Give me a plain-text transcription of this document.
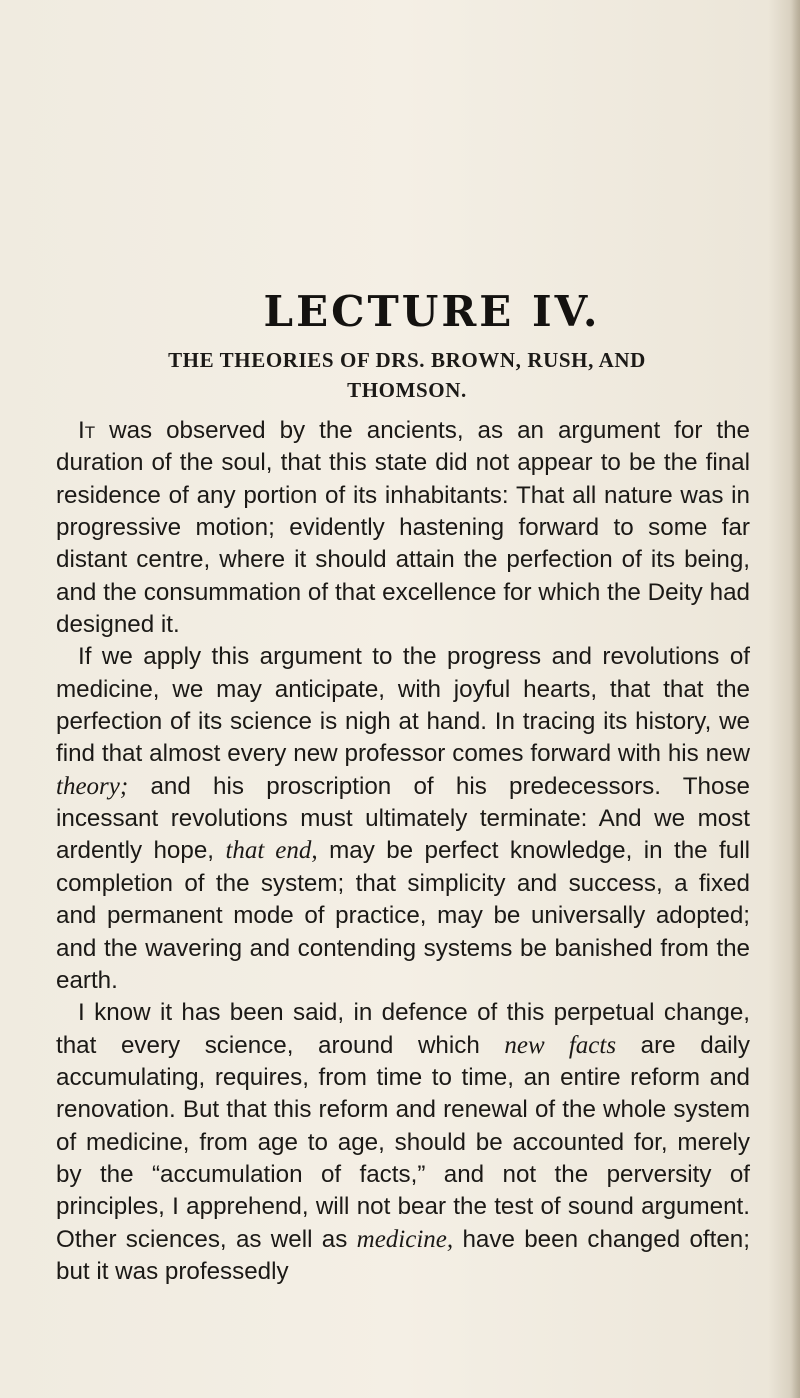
LECTURE IV.
THE THEORIES OF DRS. BROWN, RUSH, AND
THOMSON.

It was observed by the ancients, as an argument for the duration of the soul, that this state did not appear to be the final residence of any portion of its inhabitants: That all nature was in progressive motion; evidently hastening forward to some far distant centre, where it should attain the perfection of its being, and the consummation of that excellence for which the Deity had designed it.

If we apply this argument to the progress and revolutions of medicine, we may anticipate, with joyful hearts, that that the perfection of its science is nigh at hand. In tracing its history, we find that almost every new professor comes forward with his new theory; and his proscription of his predecessors. Those incessant revolutions must ultimately terminate: And we most ardently hope, that end, may be perfect knowledge, in the full completion of the system; that simplicity and success, a fixed and permanent mode of practice, may be universally adopted; and the wavering and contending systems be banished from the earth.

I know it has been said, in defence of this perpetual change, that every science, around which new facts are daily accumulating, requires, from time to time, an entire reform and renovation. But that this reform and renewal of the whole system of medicine, from age to age, should be accounted for, merely by the “accumulation of facts,” and not the perversity of principles, I apprehend, will not bear the test of sound argument. Other sciences, as well as medicine, have been changed often; but it was professedly
